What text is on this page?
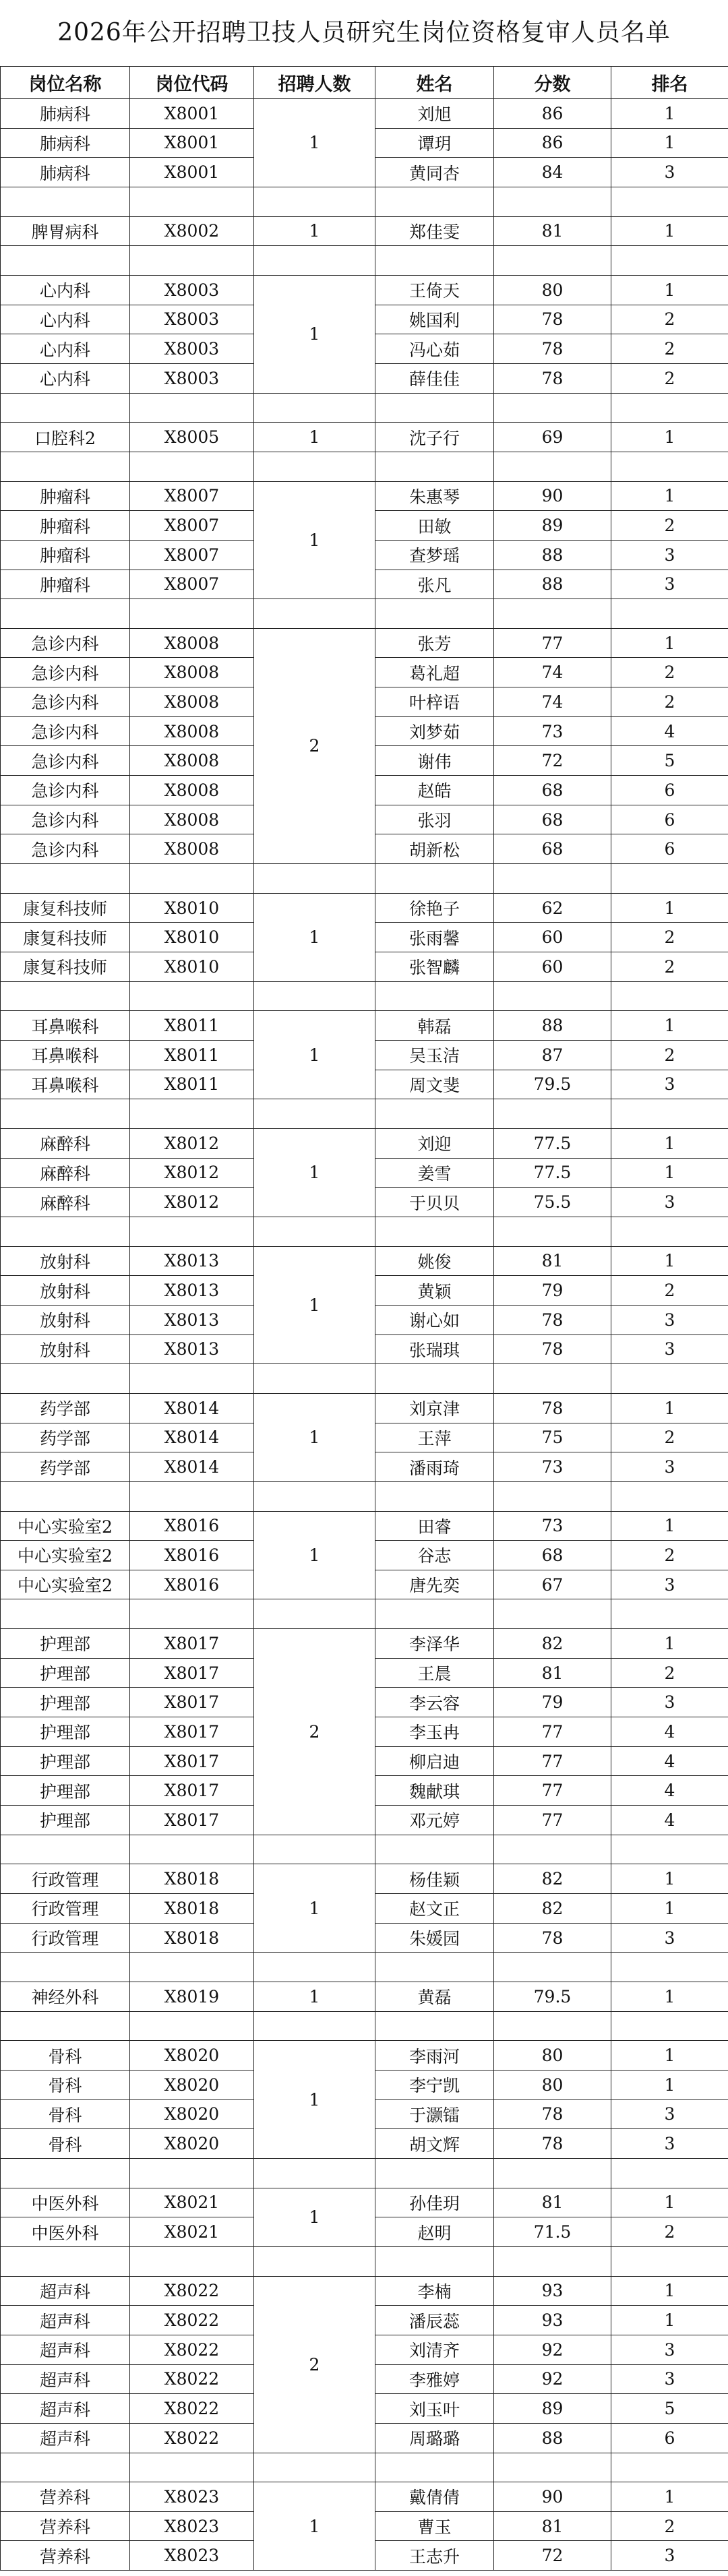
2026年公开招聘卫技人员研究生岗位资格复审人员名单
岗位名称	岗位代码	招聘人数	姓名	分数	排名
肺病科	X8001	1	刘旭	86	1
肺病科	X8001		谭玥	86	1
肺病科	X8001		黄同杏	84	3

脾胃病科	X8002	1	郑佳雯	81	1

心内科	X8003	1	王倚天	80	1
心内科	X8003		姚国利	78	2
心内科	X8003		冯心茹	78	2
心内科	X8003		薛佳佳	78	2

口腔科2	X8005	1	沈子行	69	1

肿瘤科	X8007	1	朱惠琴	90	1
肿瘤科	X8007		田敏	89	2
肿瘤科	X8007		查梦瑶	88	3
肿瘤科	X8007		张凡	88	3

急诊内科	X8008	2	张芳	77	1
急诊内科	X8008		葛礼超	74	2
急诊内科	X8008		叶梓语	74	2
急诊内科	X8008		刘梦茹	73	4
急诊内科	X8008		谢伟	72	5
急诊内科	X8008		赵皓	68	6
急诊内科	X8008		张羽	68	6
急诊内科	X8008		胡新松	68	6

康复科技师	X8010	1	徐艳子	62	1
康复科技师	X8010		张雨馨	60	2
康复科技师	X8010		张智麟	60	2

耳鼻喉科	X8011	1	韩磊	88	1
耳鼻喉科	X8011		吴玉洁	87	2
耳鼻喉科	X8011		周文斐	79.5	3

麻醉科	X8012	1	刘迎	77.5	1
麻醉科	X8012		姜雪	77.5	1
麻醉科	X8012		于贝贝	75.5	3

放射科	X8013	1	姚俊	81	1
放射科	X8013		黄颖	79	2
放射科	X8013		谢心如	78	3
放射科	X8013		张瑞琪	78	3

药学部	X8014	1	刘京津	78	1
药学部	X8014		王萍	75	2
药学部	X8014		潘雨琦	73	3

中心实验室2	X8016	1	田睿	73	1
中心实验室2	X8016		谷志	68	2
中心实验室2	X8016		唐先奕	67	3

护理部	X8017	2	李泽华	82	1
护理部	X8017		王晨	81	2
护理部	X8017		李云容	79	3
护理部	X8017		李玉冉	77	4
护理部	X8017		柳启迪	77	4
护理部	X8017		魏献琪	77	4
护理部	X8017		邓元婷	77	4

行政管理	X8018	1	杨佳颖	82	1
行政管理	X8018		赵文正	82	1
行政管理	X8018		朱媛园	78	3

神经外科	X8019	1	黄磊	79.5	1

骨科	X8020	1	李雨河	80	1
骨科	X8020		李宁凯	80	1
骨科	X8020		于灏镭	78	3
骨科	X8020		胡文辉	78	3

中医外科	X8021	1	孙佳玥	81	1
中医外科	X8021		赵明	71.5	2

超声科	X8022	2	李楠	93	1
超声科	X8022		潘辰蕊	93	1
超声科	X8022		刘清齐	92	3
超声科	X8022		李雅婷	92	3
超声科	X8022		刘玉叶	89	5
超声科	X8022		周璐璐	88	6

营养科	X8023	1	戴倩倩	90	1
营养科	X8023		曹玉	81	2
营养科	X8023		王志升	72	3
